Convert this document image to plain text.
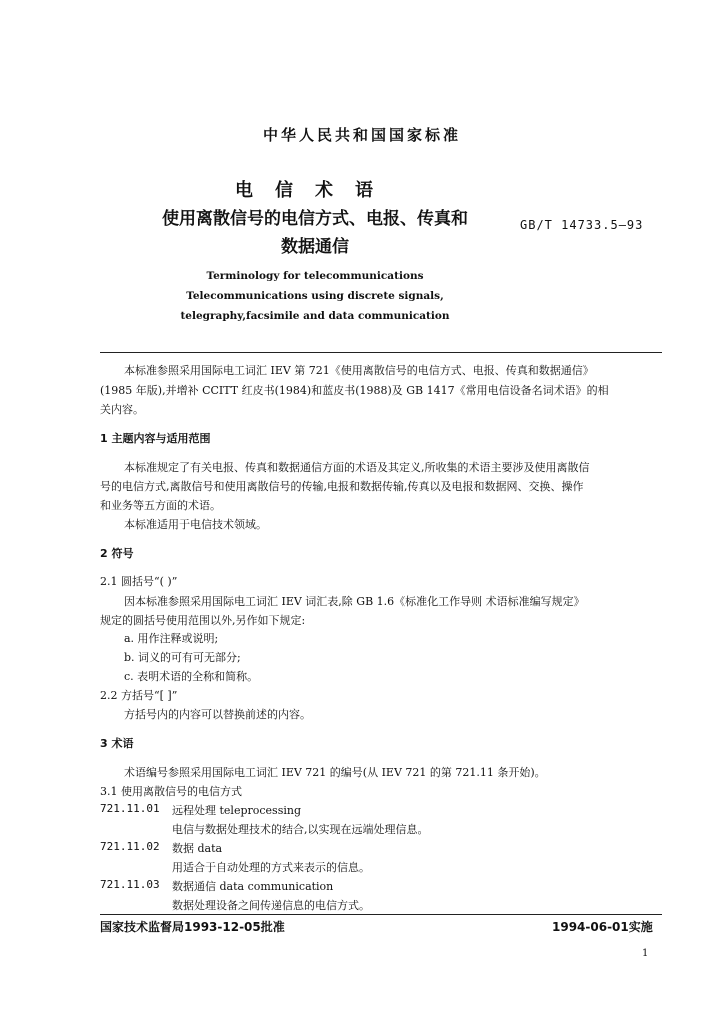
中华人民共和国国家标准
电信术语
使用离散信号的电信方式、电报、传真和
数据通信
GB/T 14733.5—93
Terminology for telecommunications
Telecommunications using discrete signals,
telegraphy,facsimile and data communication
本标准参照采用国际电工词汇 IEV 第 721《使用离散信号的电信方式、电报、传真和数据通信》
(1985 年版),并增补 CCITT 红皮书(1984)和蓝皮书(1988)及 GB 1417《常用电信设备名词术语》的相
关内容。
1 主题内容与适用范围
本标准规定了有关电报、传真和数据通信方面的术语及其定义,所收集的术语主要涉及使用离散信
号的电信方式,离散信号和使用离散信号的传输,电报和数据传输,传真以及电报和数据网、交换、操作
和业务等五方面的术语。
本标准适用于电信技术领域。
2 符号
2.1 圆括号“( )”
因本标准参照采用国际电工词汇 IEV 词汇表,除 GB 1.6《标准化工作导则 术语标准编写规定》
规定的圆括号使用范围以外,另作如下规定:
a. 用作注释或说明;
b. 词义的可有可无部分;
c. 表明术语的全称和简称。
2.2 方括号“[ ]”
方括号内的内容可以替换前述的内容。
3 术语
术语编号参照采用国际电工词汇 IEV 721 的编号(从 IEV 721 的第 721.11 条开始)。
3.1 使用离散信号的电信方式
721.11.01 远程处理 teleprocessing
电信与数据处理技术的结合,以实现在远端处理信息。
721.11.02 数据 data
用适合于自动处理的方式来表示的信息。
721.11.03 数据通信 data communication
数据处理设备之间传递信息的电信方式。
国家技术监督局1993-12-05批准	1994-06-01实施
1
